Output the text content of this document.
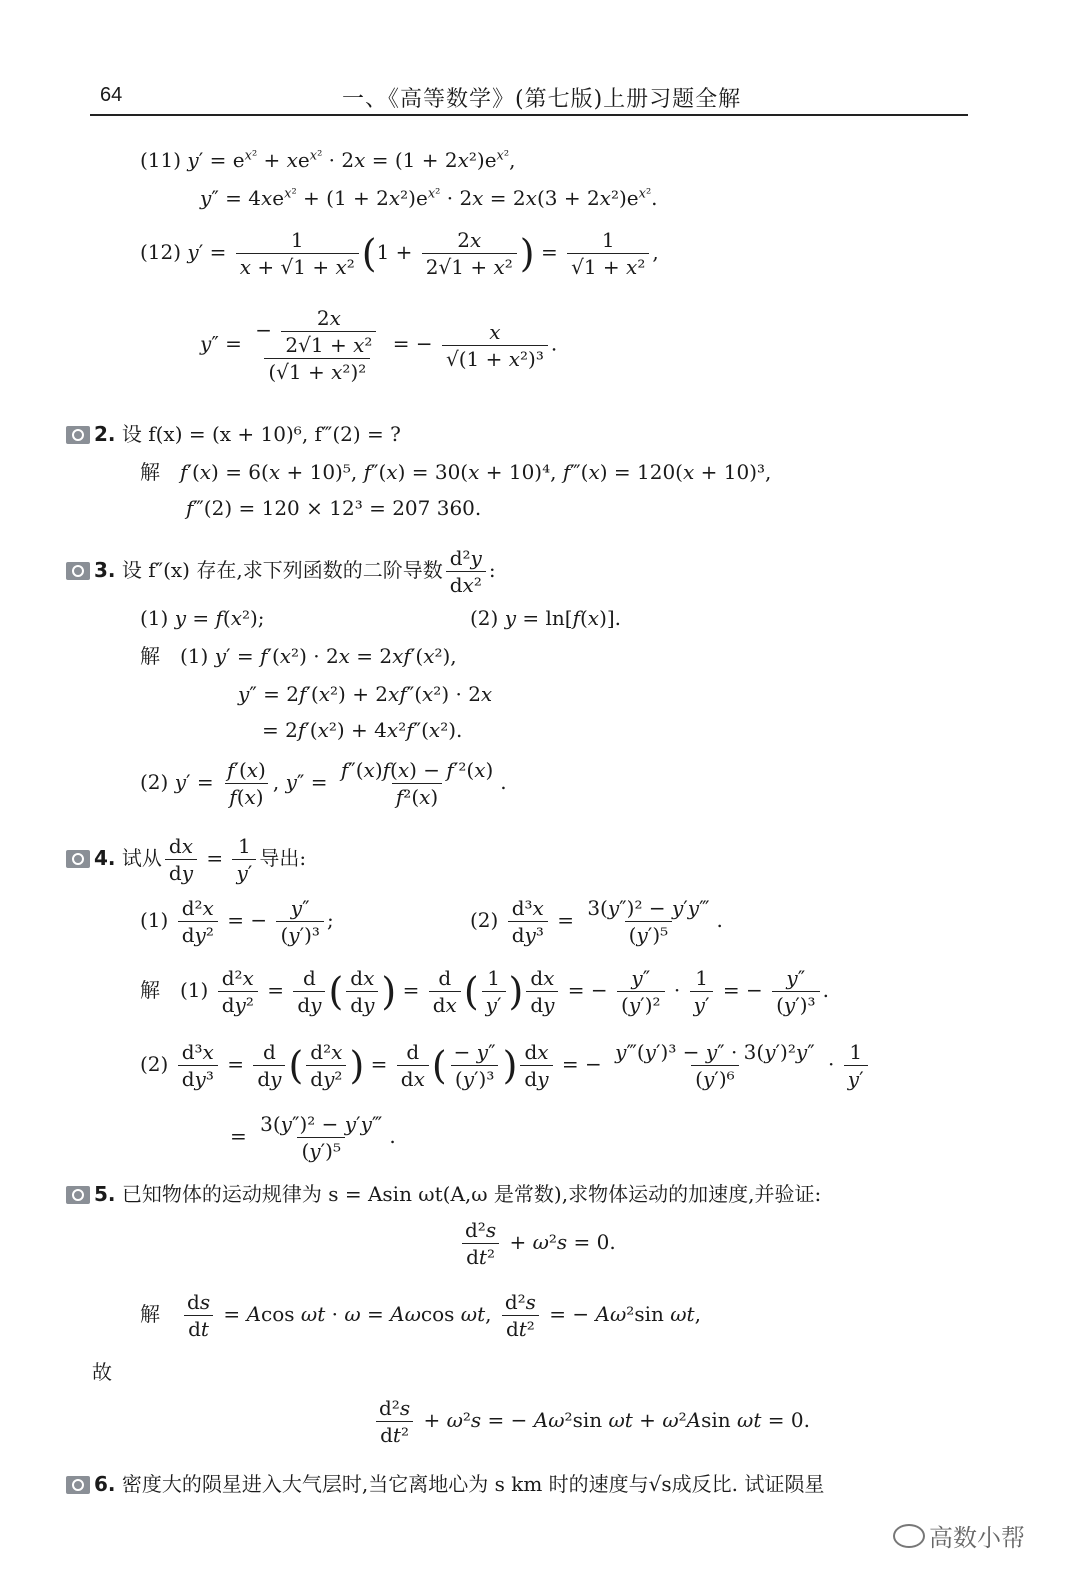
64	一、《高等数学》(第七版)上册习题全解
(11) $y' = e^{x^2} + xe^{x^2} \cdot 2x = (1 + 2x^2)e^{x^2}$,
$y'' = 4xe^{x^2} + (1 + 2x^2)e^{x^2} \cdot 2x = 2x(3 + 2x^2)e^{x^2}$.
(12) $y' = \frac{1}{\text{x + √1 + x²}} (1 + \frac{2x}{\text{2√1 + x²}}$ ) = $\frac{1}{\text{√1 + x²}}$ ,
$y'' = \frac{- \frac{2x}{\text{2√1 + x²}}}{\text{(√1 + x²)²}}$ = − $\frac{x}{\text{√(1 + x²)³}}$ .
2. 设 f(x) = (x + 10)⁶, f‴(2) = ?
解　 f′(x) = 6(x + 10)⁵, f″(x) = 30(x + 10)⁴, f‴(x) = 120(x + 10)³,
f‴(2) = 120 × 12³ = 207 360.
3. 设 f″(x) 存在,求下列函数的二阶导数 $\frac{\text{d²y}}{\text{dx²}}$ :
(1) y = f(x²);	(2) y = ln[f(x)].
解　(1) y′ = f′(x²) · 2x = 2xf′(x²),
y″ = 2f′(x²) + 2xf″(x²) · 2x
= 2f′(x²) + 4x²f″(x²).
(2) $y' = \frac{f'(x)}{f(x)}$ , $y'' = \frac{\text{f″(x)f(x) − f′²(x)}}{\text{f²(x)}}$ .
4. 试从 $\frac{dx}{dy} = \frac{1}{y'}$ 导出:
$(1) \frac{\text{d²x}}{\text{dy²}}$ = − $\frac{y''}{\text{(y′)³}}$ ;	$(2) \frac{\text{d³x}}{\text{dy³}} = \frac{\text{3(y″)² − y′y‴}}{\text{(y′)⁵}}$ .
解　$(1) \frac{\text{d²x}}{\text{dy²}} = \frac{d}{dy}$ ( $\frac{dx}{dy}$ ) = $\frac{d}{dx}$ ( $\frac{1}{y'}$ ) $\frac{dx}{dy}$ = − $\frac{y''}{\text{(y′)²}} \cdot \frac{1}{y'}$ = − $\frac{y''}{\text{(y′)³}}$ .
$(2) \frac{\text{d³x}}{\text{dy³}} = \frac{d}{dy}$ ( $\frac{\text{d²x}}{\text{dy²}}$ ) = $\frac{d}{dx}$ ( $\frac{- y''}{\text{(y′)³}}$ ) $\frac{dx}{dy}$ = − $\frac{\text{y‴(y′)³ − y″ · 3(y′)²y″}}{\text{(y′)⁶}} \cdot \frac{1}{y'}$
= $\frac{\text{3(y″)² − y′y‴}}{\text{(y′)⁵}}$ .
5. 已知物体的运动规律为 s = Asin ωt(A,ω 是常数),求物体运动的加速度,并验证:
$\frac{\text{d²s}}{\text{dt²}} + \omega^2s = 0$.
解　 $\frac{ds}{dt} = Acos$ ωt · ω = Aωcos ωt, $\frac{\text{d²s}}{\text{dt²}}$ = − Aω²sin ωt,
故
$\frac{\text{d²s}}{\text{dt²}} + \omega^2s$ = − Aω²sin ωt + ω²Asin ωt = 0.
6. 密度大的陨星进入大气层时,当它离地心为 s km 时的速度与√s成反比. 试证陨星
高数小帮
